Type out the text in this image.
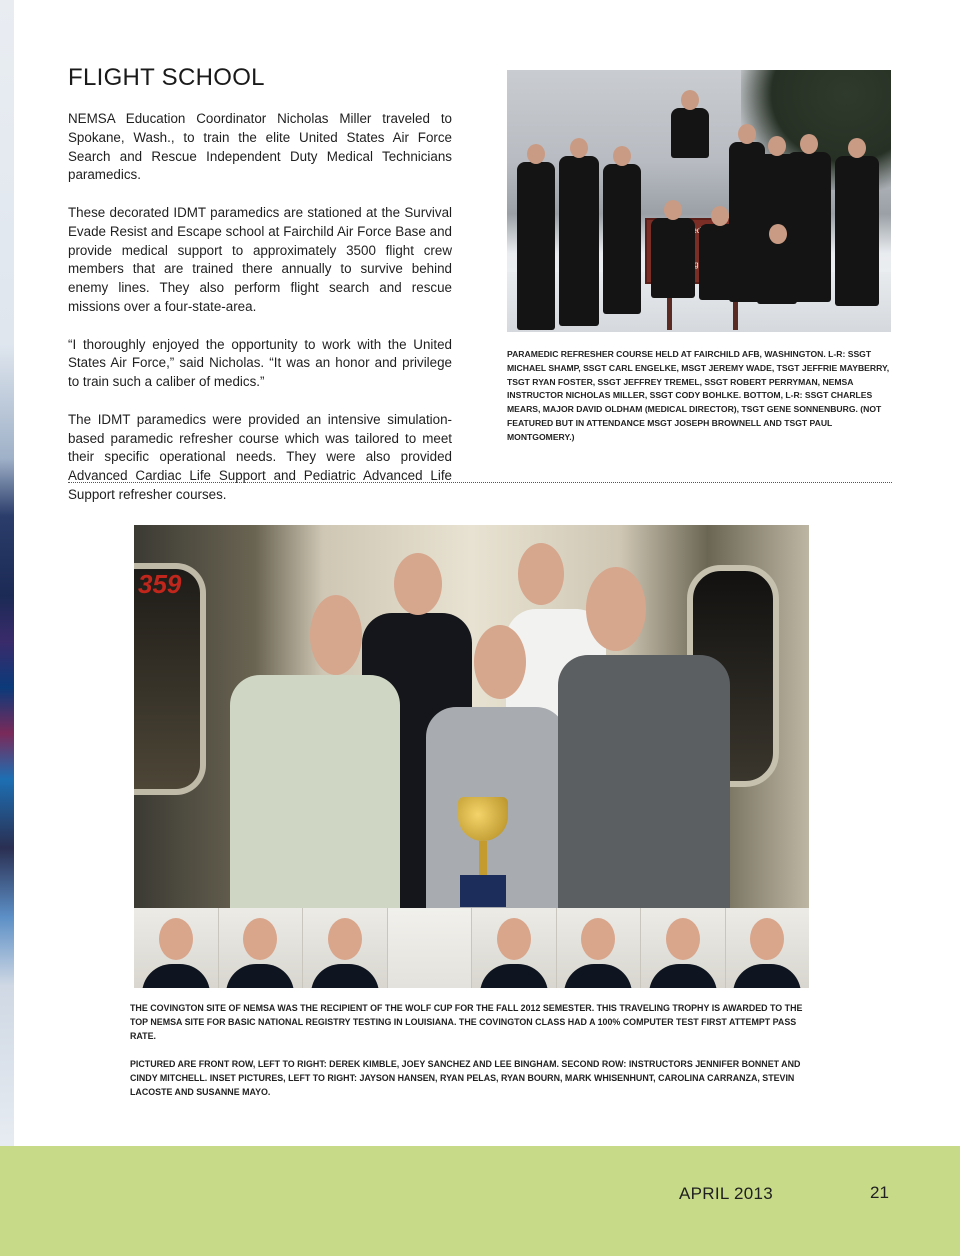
FLIGHT SCHOOL

NEMSA Education Coordinator Nicholas Miller traveled to Spokane, Wash., to train the elite United States Air Force Search and Rescue Independent Duty Medical Technicians paramedics.

These decorated IDMT paramedics are stationed at the Survival Evade Resist and Escape school at Fairchild Air Force Base and provide medical support to approximately 3500 flight crew members that are trained there annually to survive behind enemy lines. They also perform flight search and rescue missions over a four-state-area.

“I thoroughly enjoyed the opportunity to work with the United States Air Force,” said Nicholas. “It was an honor and privilege to train such a caliber of medics.”

The IDMT paramedics were provided an intensive simulation-based paramedic refresher course which was tailored to meet their specific operational needs. They were also provided Advanced Cardiac Life Support and Pediatric Advanced Life Support refresher courses.

PARAMEDIC REFRESHER COURSE HELD AT FAIRCHILD AFB, WASHINGTON. L-R: SSGT MICHAEL SHAMP, SSGT CARL ENGELKE, MSGT JEREMY WADE, TSGT JEFFRIE MAYBERRY, TSGT RYAN FOSTER, SSGT JEFFREY TREMEL, SSGT ROBERT PERRYMAN, NEMSA INSTRUCTOR NICHOLAS MILLER, SSGT CODY BOHLKE. BOTTOM, L-R: SSGT CHARLES MEARS, MAJOR DAVID OLDHAM (MEDICAL DIRECTOR), TSGT GENE SONNENBURG. (NOT FEATURED BUT IN ATTENDANCE MSGT JOSEPH BROWNELL AND TSGT PAUL MONTGOMERY.)
359

THE COVINGTON SITE OF NEMSA WAS THE RECIPIENT OF THE WOLF CUP FOR THE FALL 2012 SEMESTER. THIS TRAVELING TROPHY IS AWARDED TO THE TOP NEMSA SITE FOR BASIC NATIONAL REGISTRY TESTING IN LOUISIANA. THE COVINGTON CLASS HAD A 100% COMPUTER TEST FIRST ATTEMPT PASS RATE.

PICTURED ARE FRONT ROW, LEFT TO RIGHT: DEREK KIMBLE, JOEY SANCHEZ AND LEE BINGHAM. SECOND ROW: INSTRUCTORS JENNIFER BONNET AND CINDY MITCHELL. INSET PICTURES, LEFT TO RIGHT: JAYSON HANSEN, RYAN PELAS, RYAN BOURN, MARK WHISENHUNT, CAROLINA CARRANZA, STEVIN LACOSTE AND SUSANNE MAYO.

APRIL 2013	21
